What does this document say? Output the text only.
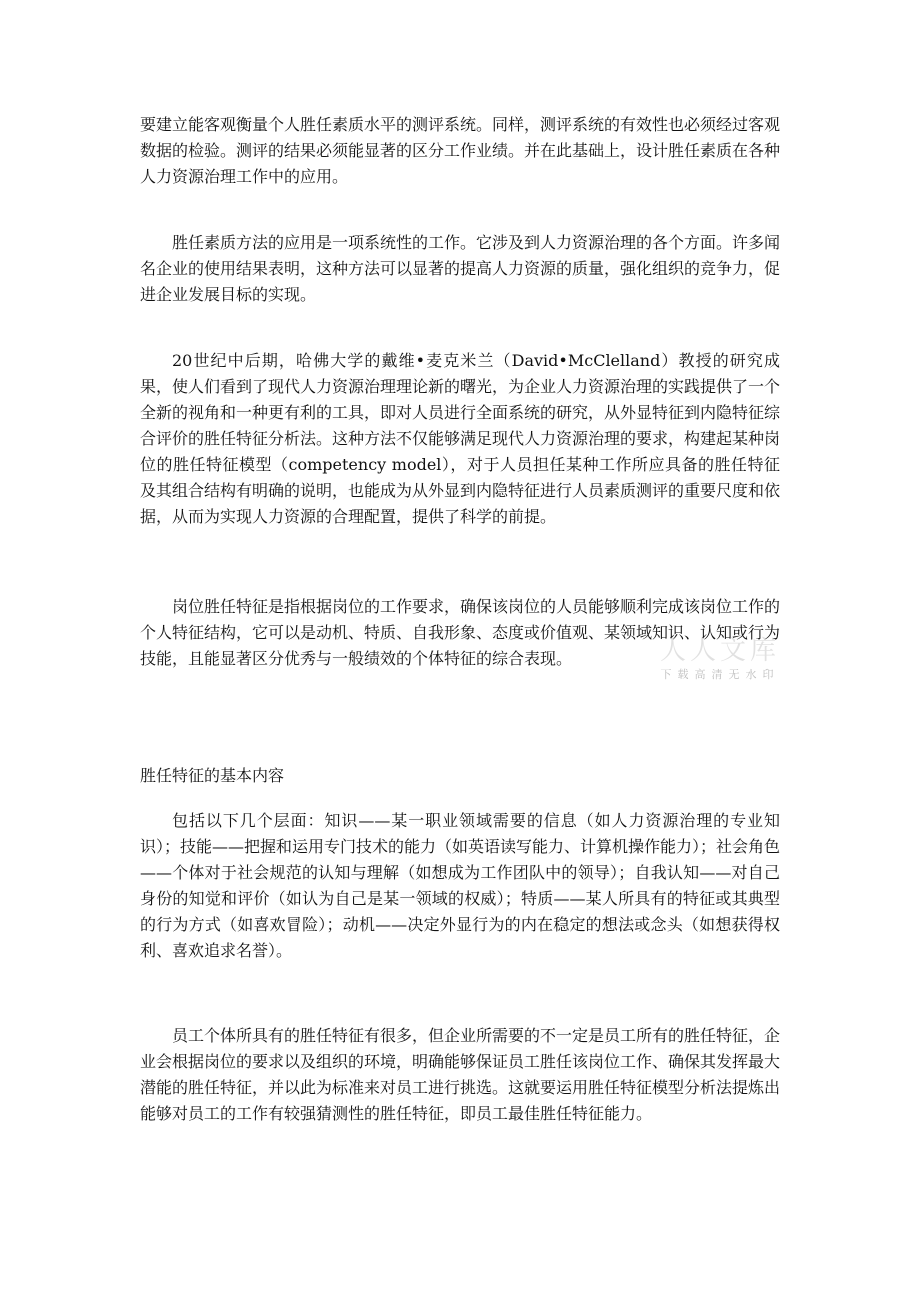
要建立能客观衡量个人胜任素质水平的测评系统。同样，测评系统的有效性也必须经过客观数据的检验。测评的结果必须能显著的区分工作业绩。并在此基础上，设计胜任素质在各种人力资源治理工作中的应用。

胜任素质方法的应用是一项系统性的工作。它涉及到人力资源治理的各个方面。许多闻名企业的使用结果表明，这种方法可以显著的提高人力资源的质量，强化组织的竞争力，促进企业发展目标的实现。

20世纪中后期，哈佛大学的戴维•麦克米兰（David•McClelland）教授的研究成果，使人们看到了现代人力资源治理理论新的曙光，为企业人力资源治理的实践提供了一个全新的视角和一种更有利的工具，即对人员进行全面系统的研究，从外显特征到内隐特征综合评价的胜任特征分析法。这种方法不仅能够满足现代人力资源治理的要求，构建起某种岗位的胜任特征模型（competency model），对于人员担任某种工作所应具备的胜任特征及其组合结构有明确的说明，也能成为从外显到内隐特征进行人员素质测评的重要尺度和依据，从而为实现人力资源的合理配置，提供了科学的前提。

岗位胜任特征是指根据岗位的工作要求，确保该岗位的人员能够顺利完成该岗位工作的个人特征结构，它可以是动机、特质、自我形象、态度或价值观、某领域知识、认知或行为技能，且能显著区分优秀与一般绩效的个体特征的综合表现。

胜任特征的基本内容

包括以下几个层面：知识——某一职业领域需要的信息（如人力资源治理的专业知识）；技能——把握和运用专门技术的能力（如英语读写能力、计算机操作能力）；社会角色——个体对于社会规范的认知与理解（如想成为工作团队中的领导）；自我认知——对自己身份的知觉和评价（如认为自己是某一领域的权威）；特质——某人所具有的特征或其典型的行为方式（如喜欢冒险）；动机——决定外显行为的内在稳定的想法或念头（如想获得权利、喜欢追求名誉）。

员工个体所具有的胜任特征有很多，但企业所需要的不一定是员工所有的胜任特征，企业会根据岗位的要求以及组织的环境，明确能够保证员工胜任该岗位工作、确保其发挥最大潜能的胜任特征，并以此为标准来对员工进行挑选。这就要运用胜任特征模型分析法提炼出能够对员工的工作有较强猜测性的胜任特征，即员工最佳胜任特征能力。

人人文库
下载高清无水印
